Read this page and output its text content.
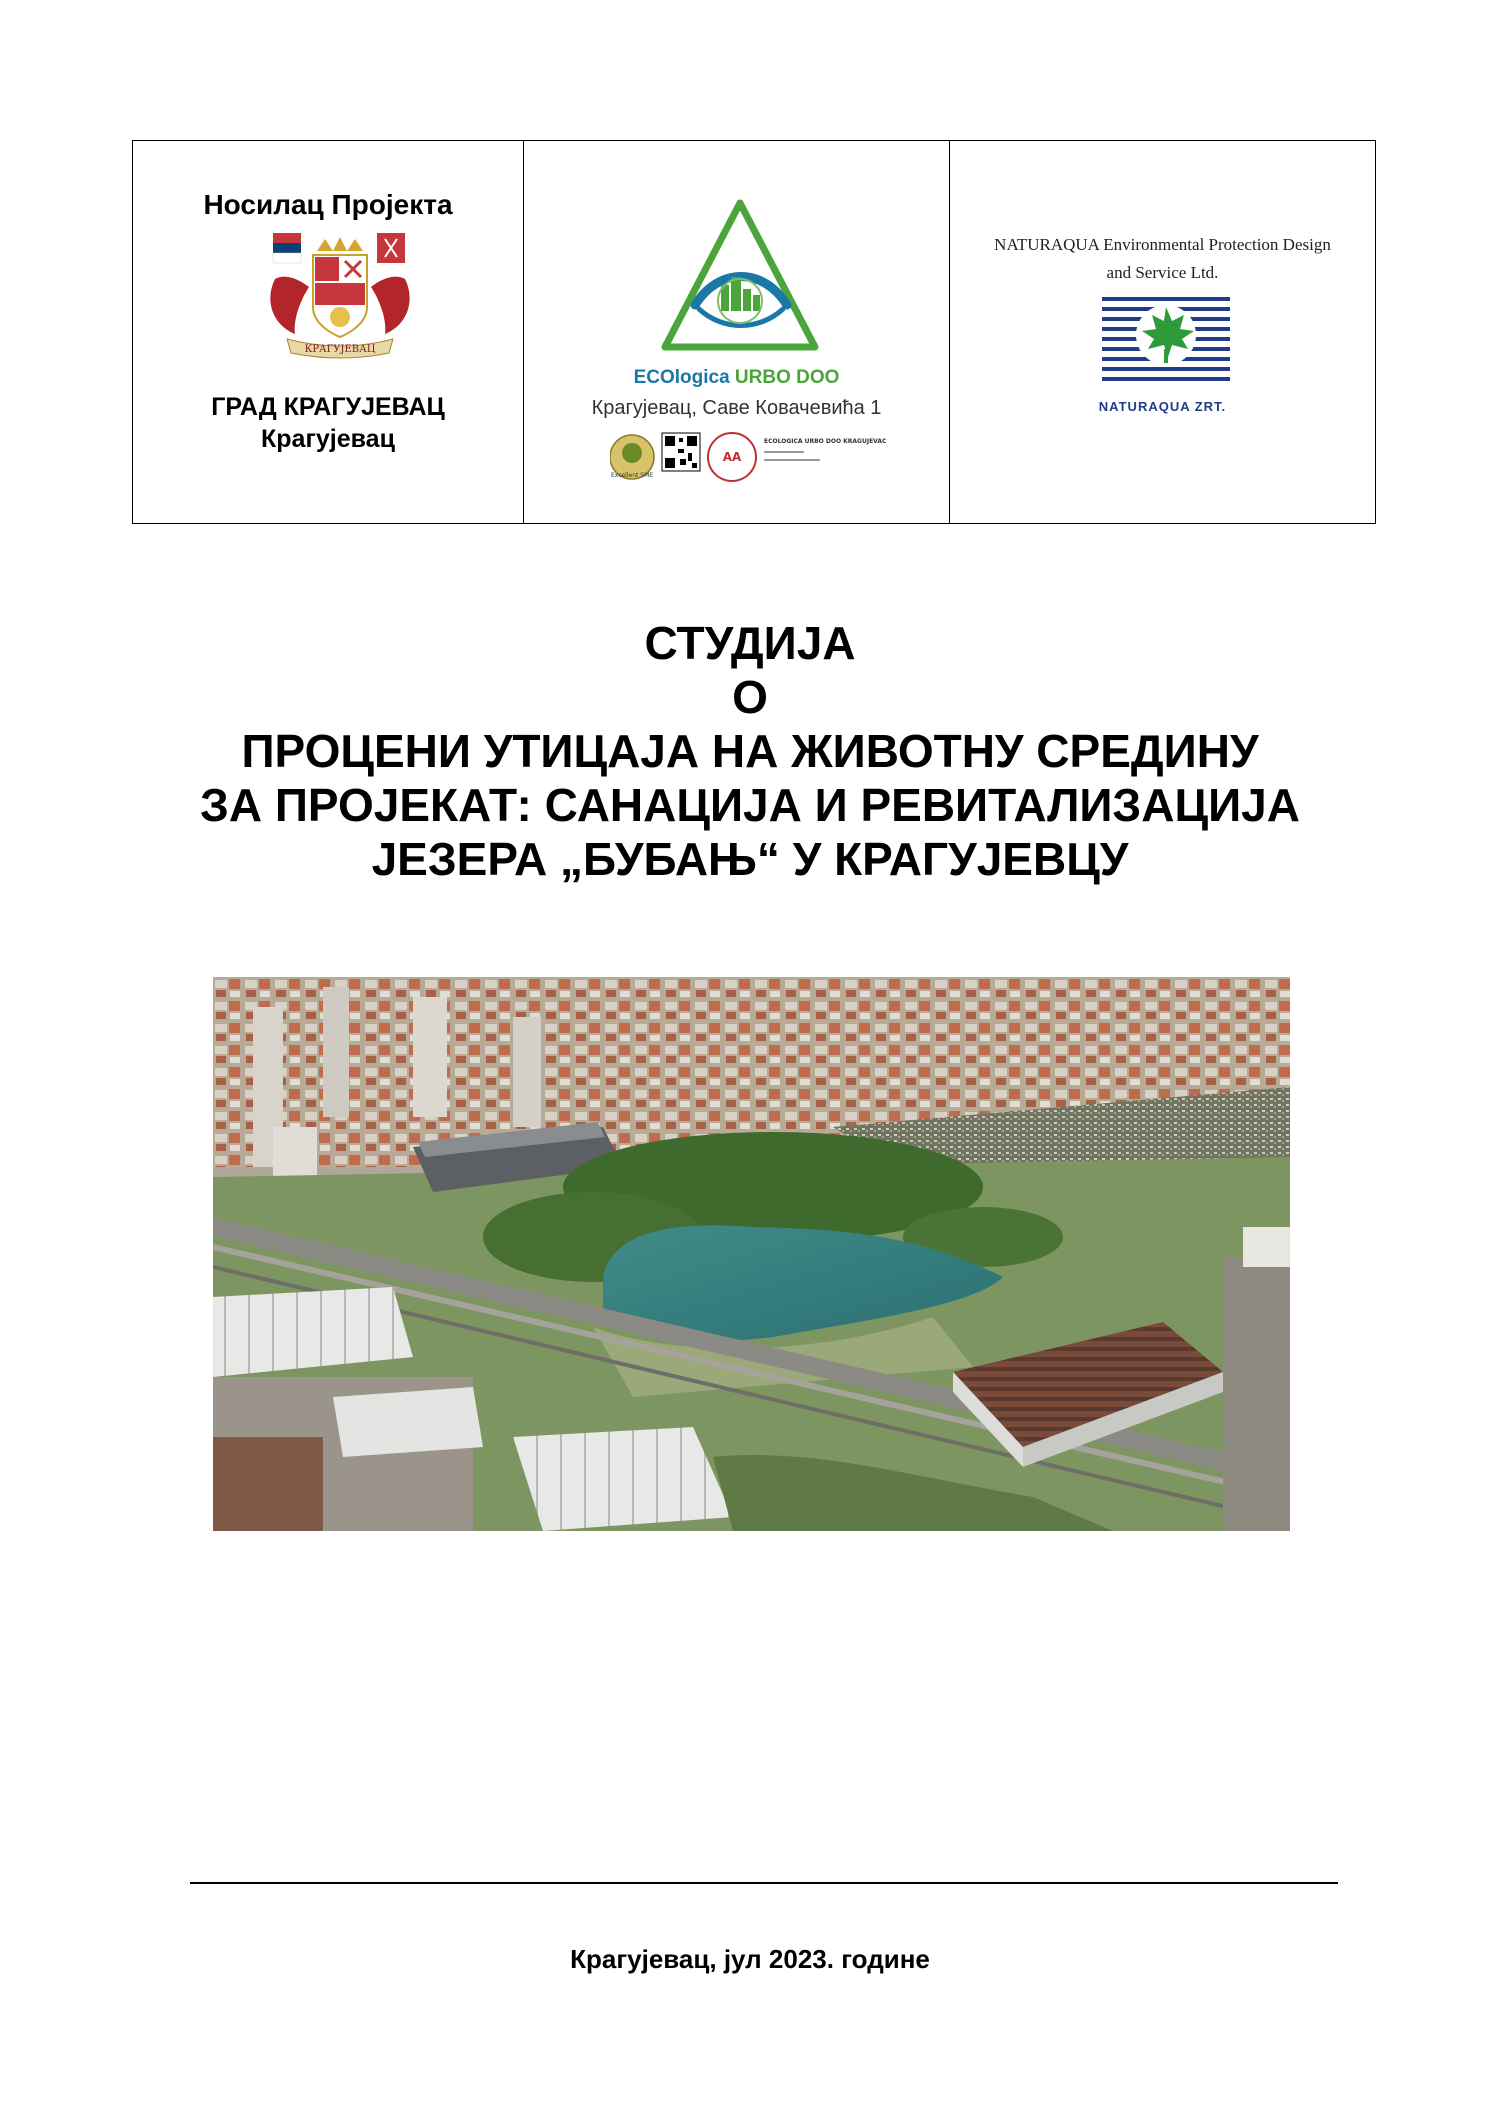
Носилац Пројекта
КРАГУЈЕВАЦ
ГРАД КРАГУЈЕВАЦ
Крагујевац
ECOlogica URBO DOO
Крагујевац, Саве Ковачевића 1
Excellent SME
AA
ECOLOGICA URBO DOO KRAGUJEVAC
NATURAQUA Environmental Protection Design
and Service Ltd.
NATURAQUA ZRT.
СТУДИЈА
О
ПРОЦЕНИ УТИЦАЈА НА ЖИВОТНУ СРЕДИНУ
ЗА ПРОЈЕКАТ: САНАЦИЈА И РЕВИТАЛИЗАЦИЈА
ЈЕЗЕРА „БУБАЊ“ У КРАГУЈЕВЦУ
Крагујевац, јул 2023. године
